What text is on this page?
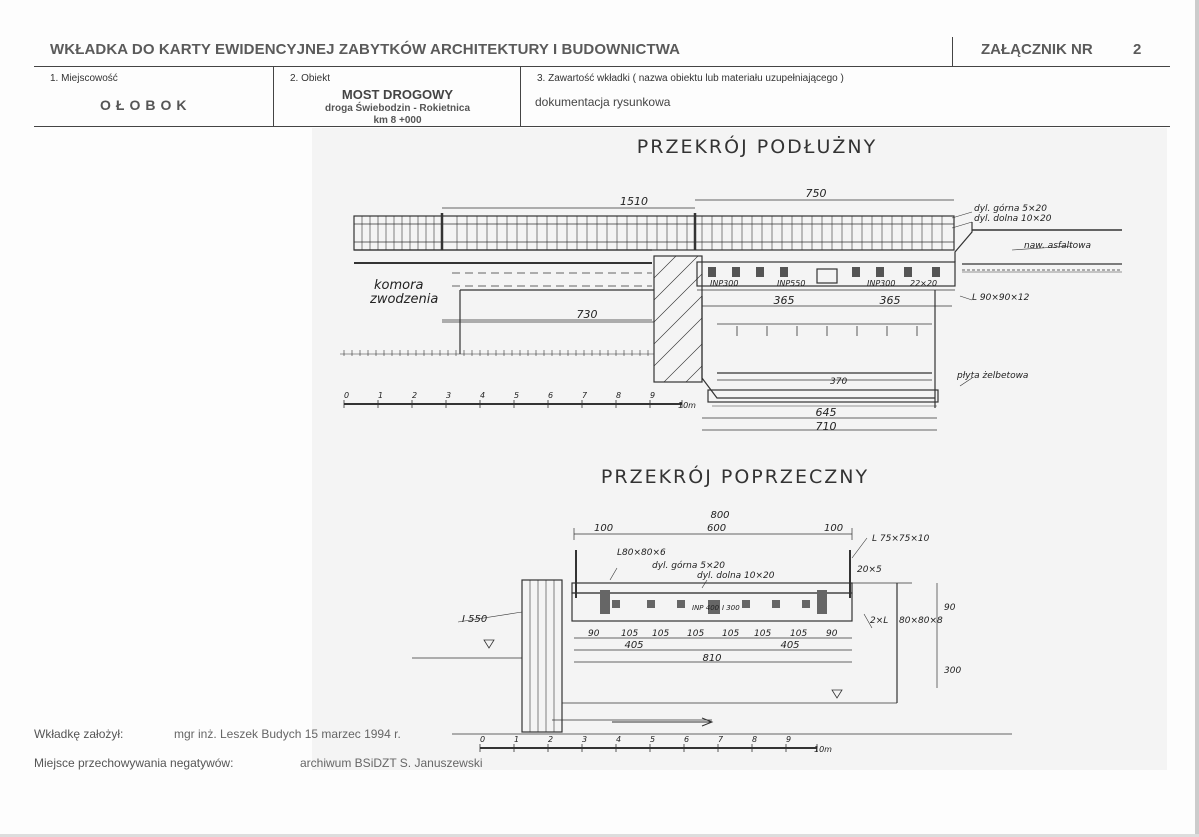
WKŁADKA DO KARTY EWIDENCYJNEJ ZABYTKÓW ARCHITEKTURY I BUDOWNICTWA	ZAŁĄCZNIK NR	2
1. Miejscowość
OŁOBOK
2. Obiekt
MOST DROGOWY
droga Świebodzin - Rokietnica
km 8 +000
3. Zawartość wkładki ( nazwa obiektu lub materiału uzupełniającego )
dokumentacja rysunkowa
PRZEKRÓJ PODŁUŻNY
PRZEKRÓJ POPRZECZNY
1510
750
dyl. górna 5×20
dyl. dolna 10×20
naw. asfaltowa
komora
zwodzenia
730
INP300	INP550	INP300 22×20
365	365	L 90×90×12
370
płyta żelbetowa
645
710
0	1	2	3	4	5	6	7	8	9
10m
800
100	600	100
L 75×75×10
L80×80×6
dyl. górna 5×20
dyl. dolna 10×20
20×5
I 550
INP 400 I 300
2×L 80×80×8
90
300
405	405
810
90 105 105 105 105 105 105 90
0	1	2	3	4	5	6	7	8	9
10m
Wkładkę założył:	mgr inż. Leszek Budych 15 marzec 1994 r.
Miejsce przechowywania negatywów:	archiwum BSiDZT S. Januszewski
